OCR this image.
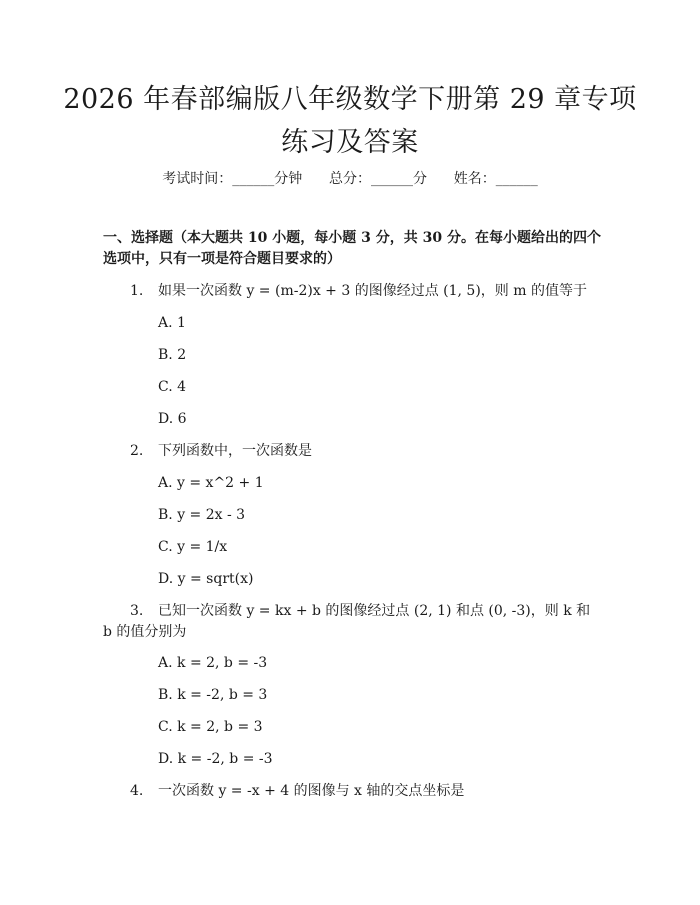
2026 年春部编版八年级数学下册第 29 章专项练习及答案
考试时间：______分钟 总分：______分 姓名：______
一、选择题（本大题共 10 小题，每小题 3 分，共 30 分。在每小题给出的四个选项中，只有一项是符合题目要求的）
1.	如果一次函数 y = (m-2)x + 3 的图像经过点 (1, 5)，则 m 的值等于
A. 1
B. 2
C. 4
D. 6
2.	下列函数中，一次函数是
A. y = x^2 + 1
B. y = 2x - 3
C. y = 1/x
D. y = sqrt(x)
3.	已知一次函数 y = kx + b 的图像经过点 (2, 1) 和点 (0, -3)，则 k 和 b 的值分别为
A. k = 2, b = -3
B. k = -2, b = 3
C. k = 2, b = 3
D. k = -2, b = -3
4.	一次函数 y = -x + 4 的图像与 x 轴的交点坐标是
